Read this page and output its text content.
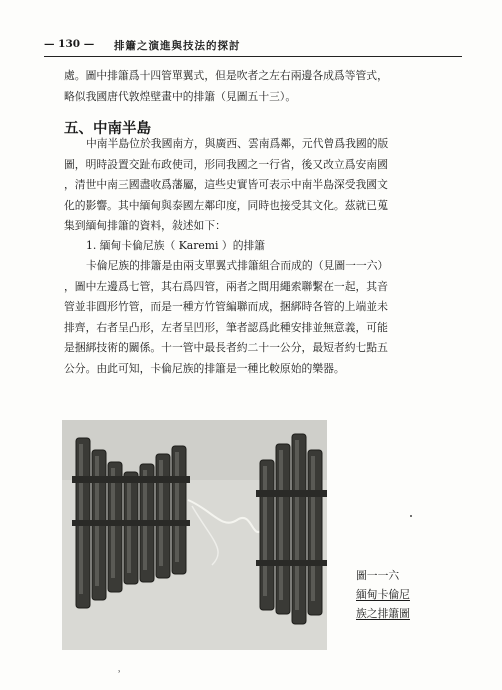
— 130 — 排簫之演進與技法的探討
處。圖中排簫爲十四管單翼式，但是吹者之左右兩邊各成爲等管式，
略似我國唐代敦煌壁畫中的排簫（見圖五十三）。
五、中南半島
中南半島位於我國南方，與廣西、雲南爲鄰，元代曾爲我國的版
圖，明時設置交趾布政使司，形同我國之一行省，後又改立爲安南國
，清世中南三國盡收爲藩屬，這些史實皆可表示中南半島深受我國文
化的影響。其中緬甸與泰國左鄰印度，同時也接受其文化。茲就已蒐
集到緬甸排簫的資料，敍述如下：
1. 緬甸卡倫尼族（ Karemi ）的排簫
卡倫尼族的排簫是由兩支單翼式排簫組合而成的（見圖一一六）
，圖中左邊爲七管，其右爲四管，兩者之間用繩索聯繫在一起，其音
管並非圓形竹管，而是一種方竹管編聯而成，捆綁時各管的上端並未
排齊，右者呈凸形，左者呈凹形，筆者認爲此種安排並無意義，可能
是捆綁技術的關係。十一管中最長者約二十一公分，最短者約七點五
公分。由此可知，卡倫尼族的排簫是一種比較原始的樂器。
圖一一六
緬甸卡倫尼
族之排簫圖
˒
